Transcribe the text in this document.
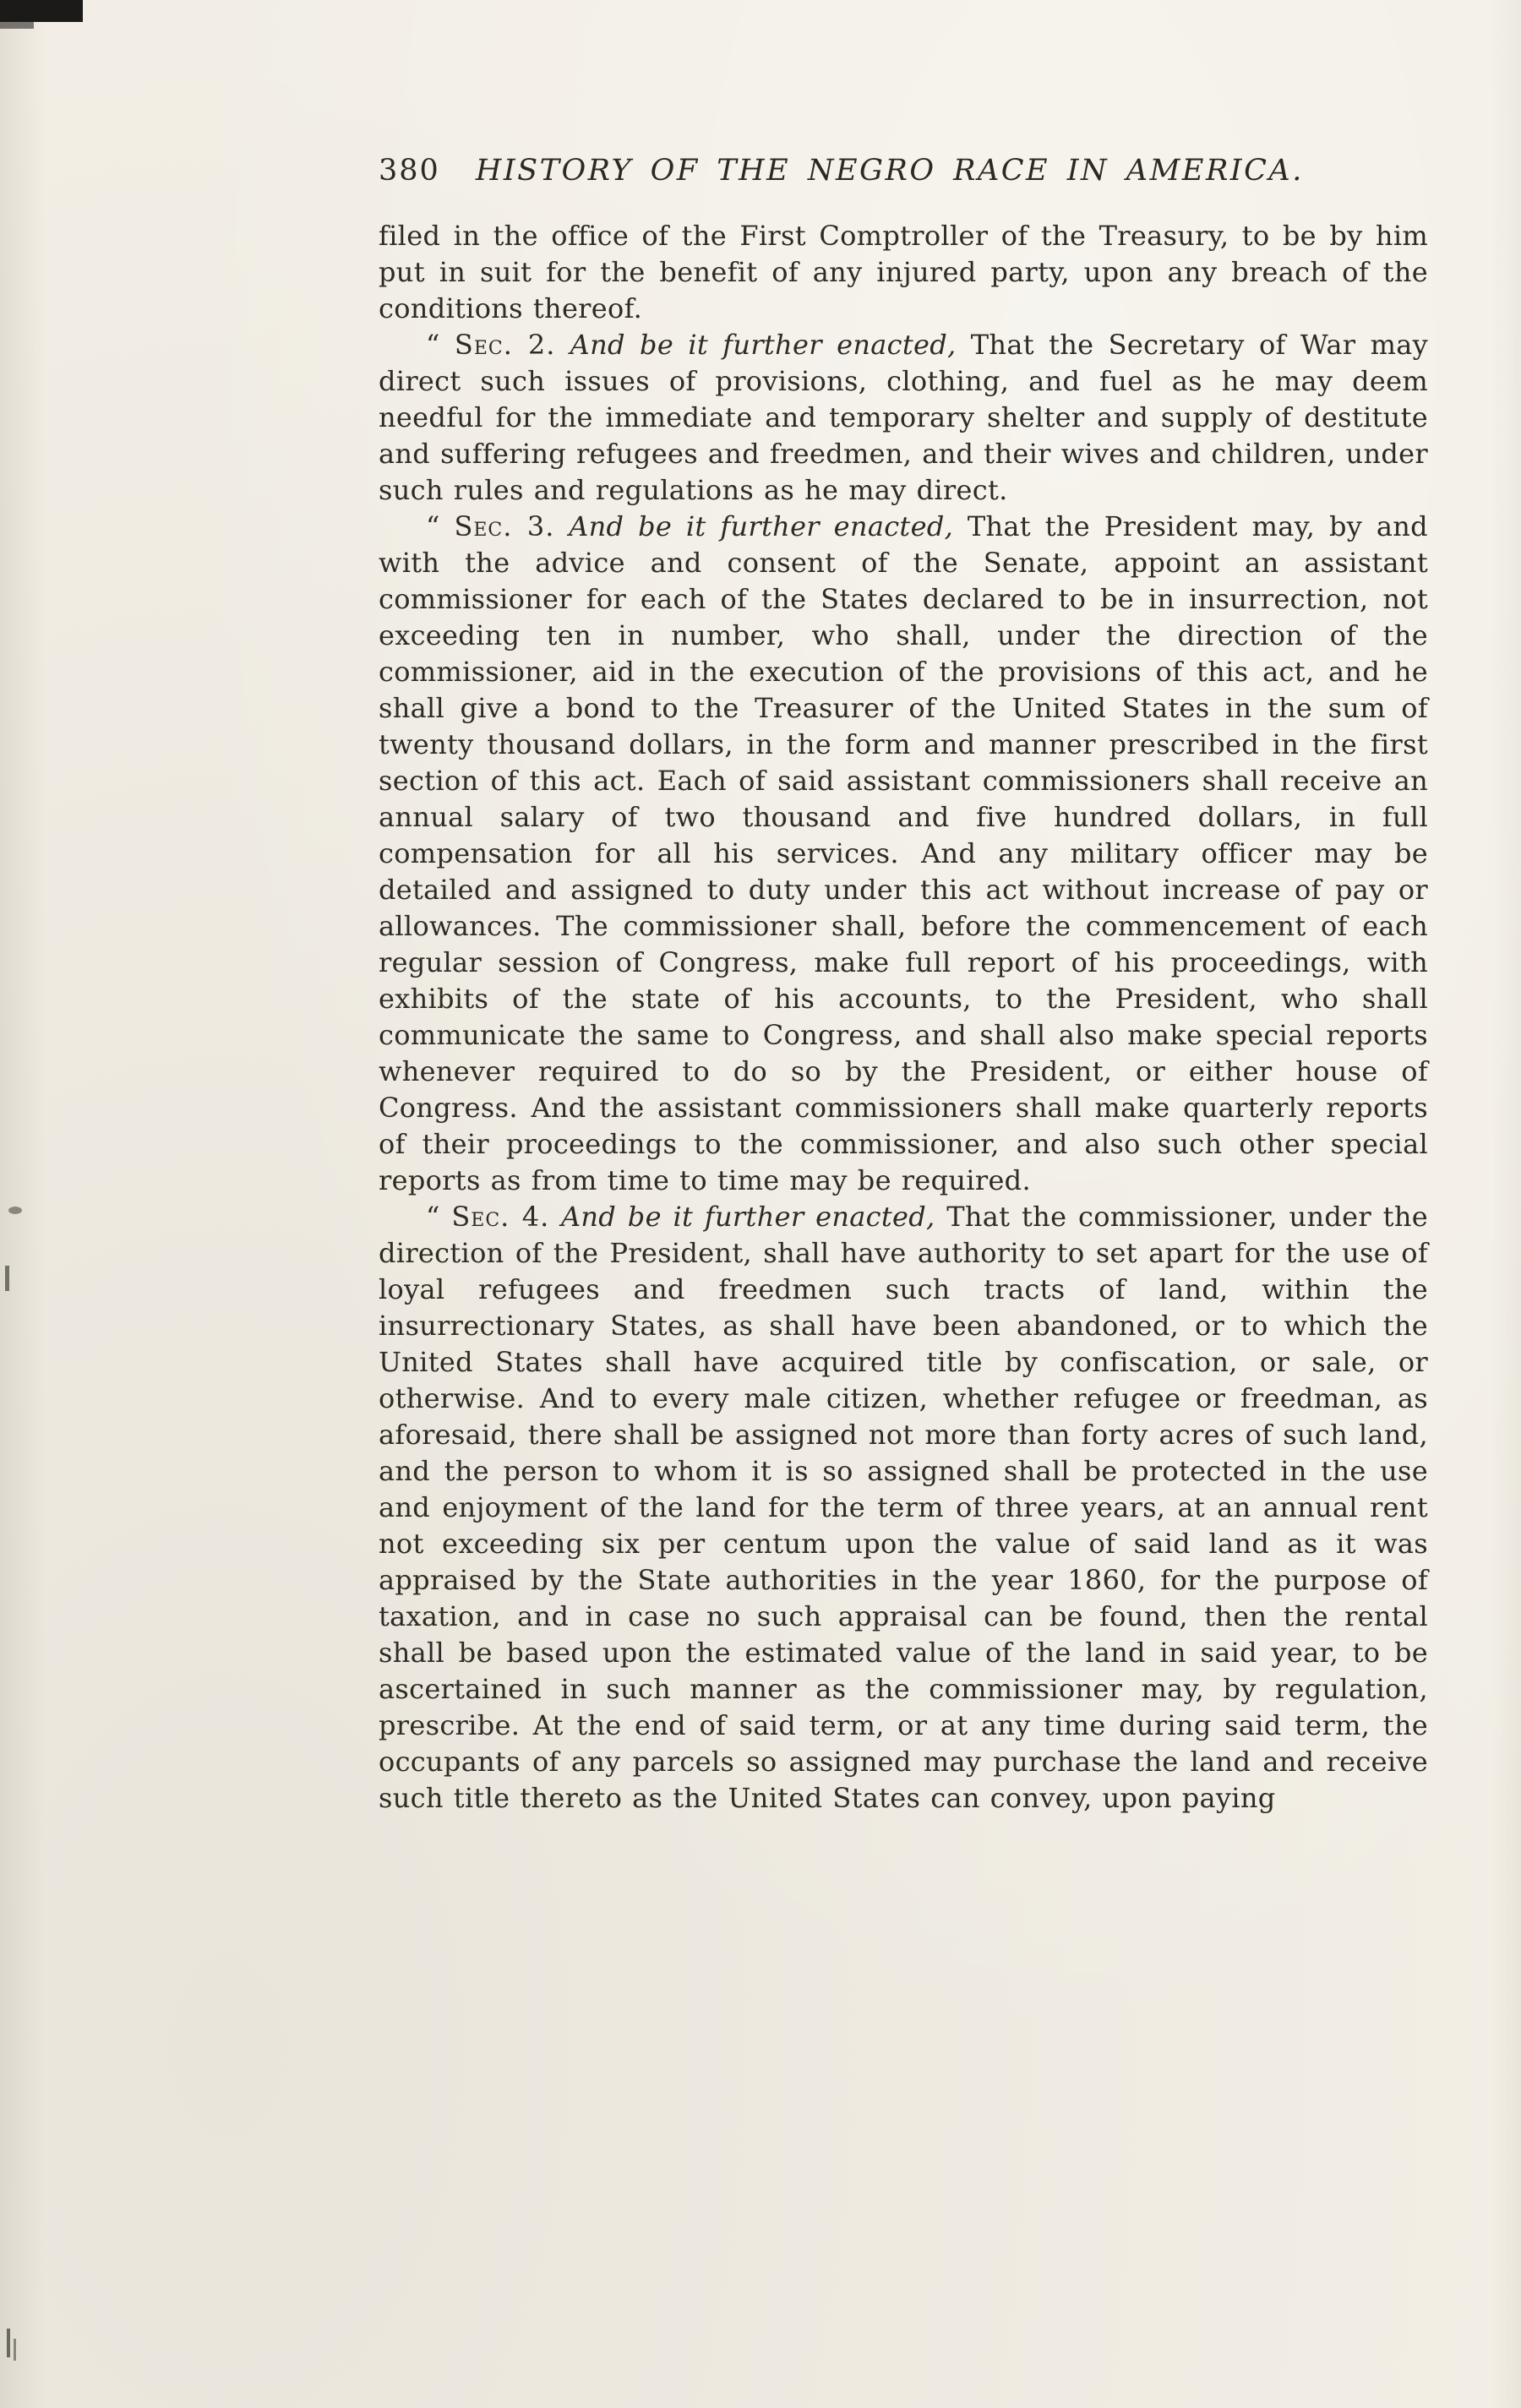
380 HISTORY OF THE NEGRO RACE IN AMERICA.

filed in the office of the First Comptroller of the Treasury, to be by him put in suit for the benefit of any injured party, upon any breach of the conditions thereof.

“ Sec. 2. And be it further enacted, That the Secretary of War may direct such issues of provisions, clothing, and fuel as he may deem needful for the immediate and temporary shelter and supply of destitute and suffering refugees and freedmen, and their wives and children, under such rules and regulations as he may direct.

“ Sec. 3. And be it further enacted, That the President may, by and with the advice and consent of the Senate, appoint an assistant commissioner for each of the States declared to be in insurrection, not exceeding ten in number, who shall, under the direction of the commissioner, aid in the execution of the provisions of this act, and he shall give a bond to the Treasurer of the United States in the sum of twenty thousand dollars, in the form and manner prescribed in the first section of this act. Each of said assistant commissioners shall receive an annual salary of two thousand and five hundred dollars, in full compensation for all his services. And any military officer may be detailed and assigned to duty under this act without increase of pay or allowances. The commissioner shall, before the commencement of each regular session of Congress, make full report of his proceedings, with exhibits of the state of his accounts, to the President, who shall communicate the same to Congress, and shall also make special reports whenever required to do so by the President, or either house of Congress. And the assistant commissioners shall make quarterly reports of their proceedings to the commissioner, and also such other special reports as from time to time may be required.

“ Sec. 4. And be it further enacted, That the commissioner, under the direction of the President, shall have authority to set apart for the use of loyal refugees and freedmen such tracts of land, within the insurrectionary States, as shall have been abandoned, or to which the United States shall have acquired title by confiscation, or sale, or otherwise. And to every male citizen, whether refugee or freedman, as aforesaid, there shall be assigned not more than forty acres of such land, and the person to whom it is so assigned shall be protected in the use and enjoyment of the land for the term of three years, at an annual rent not exceeding six per centum upon the value of said land as it was appraised by the State authorities in the year 1860, for the purpose of taxation, and in case no such appraisal can be found, then the rental shall be based upon the estimated value of the land in said year, to be ascertained in such manner as the commissioner may, by regulation, prescribe. At the end of said term, or at any time during said term, the occupants of any parcels so assigned may purchase the land and receive such title thereto as the United States can convey, upon paying
